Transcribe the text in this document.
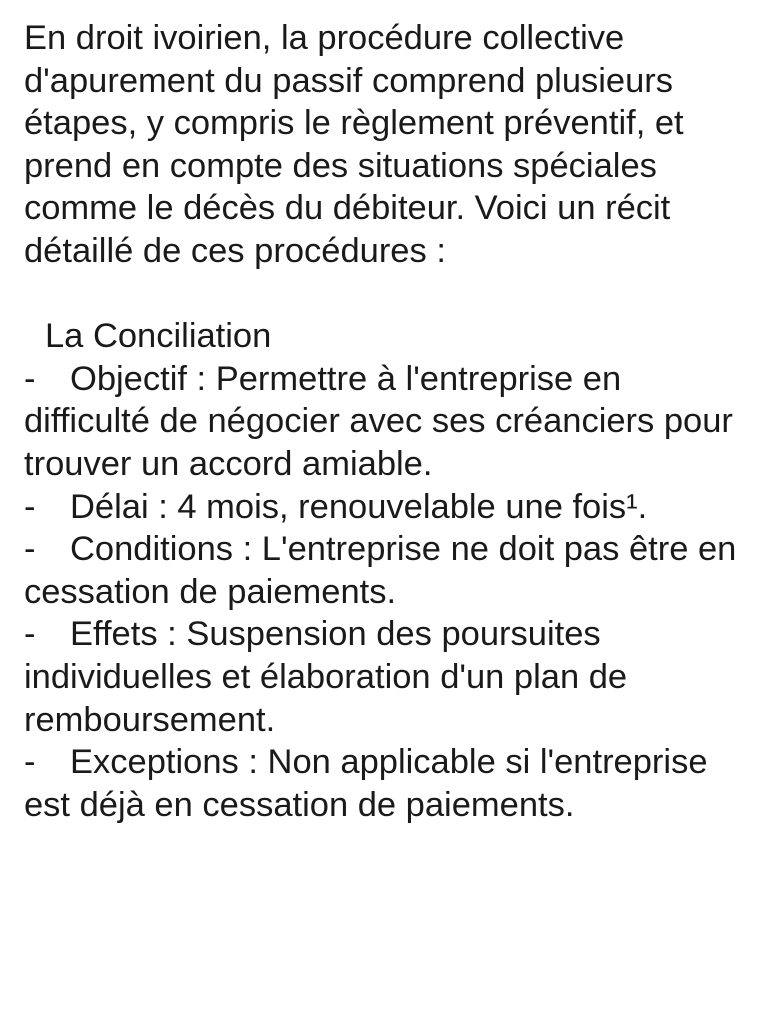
En droit ivoirien, la procédure collective d'apurement du passif comprend plusieurs étapes, y compris le règlement préventif, et prend en compte des situations spéciales comme le décès du débiteur. Voici un récit détaillé de ces procédures :

La Conciliation

- Objectif : Permettre à l'entreprise en difficulté de négocier avec ses créanciers pour trouver un accord amiable.

- Délai : 4 mois, renouvelable une fois¹.

- Conditions : L'entreprise ne doit pas être en cessation de paiements.

- Effets : Suspension des poursuites individuelles et élaboration d'un plan de remboursement.

- Exceptions : Non applicable si l'entreprise est déjà en cessation de paiements.
